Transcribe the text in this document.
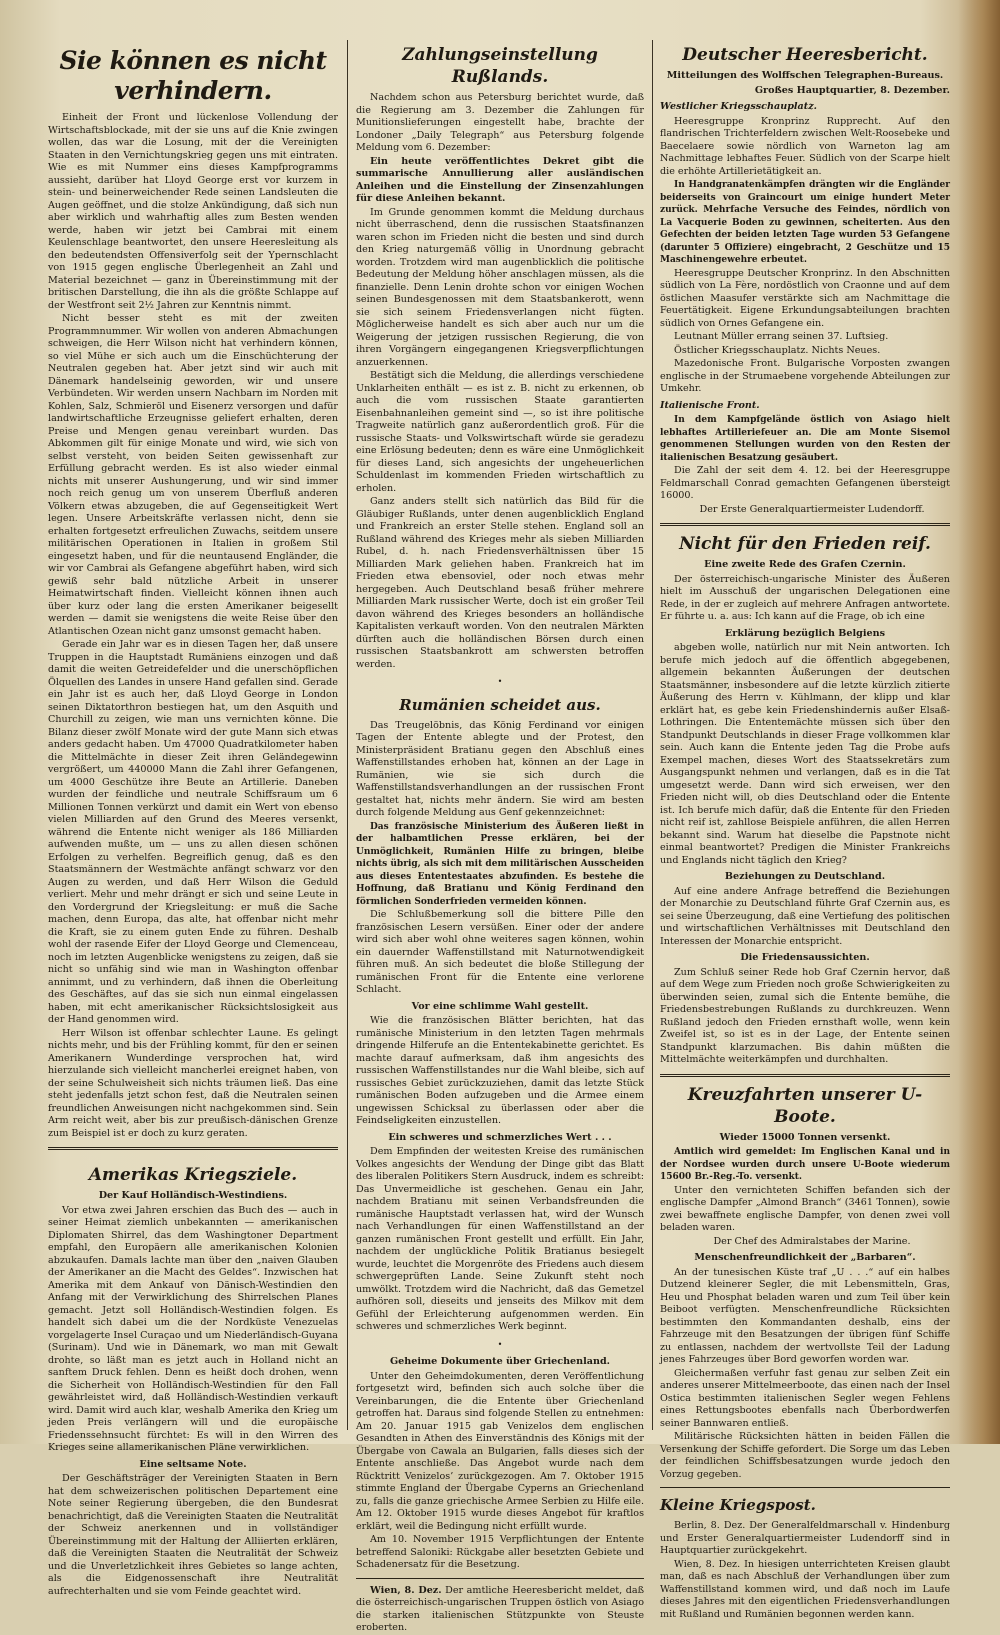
Sie können es nicht verhindern.

Einheit der Front und lückenlose Vollendung der Wirtschaftsblockade, mit der sie uns auf die Knie zwingen wollen, das war die Losung, mit der die Vereinigten Staaten in den Vernichtungskrieg gegen uns mit eintraten. Wie es mit Nummer eins dieses Kampfprogramms aussieht, darüber hat Lloyd George erst vor kurzem in stein- und beinerweichender Rede seinen Landsleuten die Augen geöffnet, und die stolze Ankündigung, daß sich nun aber wirklich und wahrhaftig alles zum Besten wenden werde, haben wir jetzt bei Cambrai mit einem Keulenschlage beantwortet, den unsere Heeresleitung als den bedeutendsten Offensiverfolg seit der Ypernschlacht von 1915 gegen englische Überlegenheit an Zahl und Material bezeichnet — ganz in Übereinstimmung mit der britischen Darstellung, die ihn als die größte Schlappe auf der Westfront seit 2½ Jahren zur Kenntnis nimmt.

Nicht besser steht es mit der zweiten Programmnummer. Wir wollen von anderen Abmachungen schweigen, die Herr Wilson nicht hat verhindern können, so viel Mühe er sich auch um die Einschüchterung der Neutralen gegeben hat. Aber jetzt sind wir auch mit Dänemark handelseinig geworden, wir und unsere Verbündeten. Wir werden unsern Nachbarn im Norden mit Kohlen, Salz, Schmieröl und Eisenerz versorgen und dafür landwirtschaftliche Erzeugnisse geliefert erhalten, deren Preise und Mengen genau vereinbart wurden. Das Abkommen gilt für einige Monate und wird, wie sich von selbst versteht, von beiden Seiten gewissenhaft zur Erfüllung gebracht werden. Es ist also wieder einmal nichts mit unserer Aushungerung, und wir sind immer noch reich genug um von unserem Überfluß anderen Völkern etwas abzugeben, die auf Gegenseitigkeit Wert legen. Unsere Arbeitskräfte verlassen nicht, denn sie erhalten fortgesetzt erfreulichen Zuwachs, seitdem unsere militärischen Operationen in Italien in großem Stil eingesetzt haben, und für die neuntausend Engländer, die wir vor Cambrai als Gefangene abgeführt haben, wird sich gewiß sehr bald nützliche Arbeit in unserer Heimatwirtschaft finden. Vielleicht können ihnen auch über kurz oder lang die ersten Amerikaner beigesellt werden — damit sie wenigstens die weite Reise über den Atlantischen Ozean nicht ganz umsonst gemacht haben.

Gerade ein Jahr war es in diesen Tagen her, daß unsere Truppen in die Hauptstadt Rumäniens einzogen und daß damit die weiten Getreidefelder und die unerschöpflichen Ölquellen des Landes in unsere Hand gefallen sind. Gerade ein Jahr ist es auch her, daß Lloyd George in London seinen Diktatorthron bestiegen hat, um den Asquith und Churchill zu zeigen, wie man uns vernichten könne. Die Bilanz dieser zwölf Monate wird der gute Mann sich etwas anders gedacht haben. Um 47000 Quadratkilometer haben die Mittelmächte in dieser Zeit ihren Geländegewinn vergrößert, um 440000 Mann die Zahl ihrer Gefangenen, um 4000 Geschütze ihre Beute an Artillerie. Daneben wurden der feindliche und neutrale Schiffsraum um 6 Millionen Tonnen verkürzt und damit ein Wert von ebenso vielen Milliarden auf den Grund des Meeres versenkt, während die Entente nicht weniger als 186 Milliarden aufwenden mußte, um — uns zu allen diesen schönen Erfolgen zu verhelfen. Begreiflich genug, daß es den Staatsmännern der Westmächte anfängt schwarz vor den Augen zu werden, und daß Herr Wilson die Geduld verliert. Mehr und mehr drängt er sich und seine Leute in den Vordergrund der Kriegsleitung: er muß die Sache machen, denn Europa, das alte, hat offenbar nicht mehr die Kraft, sie zu einem guten Ende zu führen. Deshalb wohl der rasende Eifer der Lloyd George und Clemenceau, noch im letzten Augenblicke wenigstens zu zeigen, daß sie nicht so unfähig sind wie man in Washington offenbar annimmt, und zu verhindern, daß ihnen die Oberleitung des Geschäftes, auf das sie sich nun einmal eingelassen haben, mit echt amerikanischer Rücksichtslosigkeit aus der Hand genommen wird.

Herr Wilson ist offenbar schlechter Laune. Es gelingt nichts mehr, und bis der Frühling kommt, für den er seinen Amerikanern Wunderdinge versprochen hat, wird hierzulande sich vielleicht mancherlei ereignet haben, von der seine Schulweisheit sich nichts träumen ließ. Das eine steht jedenfalls jetzt schon fest, daß die Neutralen seinen freundlichen Anweisungen nicht nachgekommen sind. Sein Arm reicht weit, aber bis zur preußisch-dänischen Grenze zum Beispiel ist er doch zu kurz geraten.

Amerikas Kriegsziele.
Der Kauf Holländisch-Westindiens.

Vor etwa zwei Jahren erschien das Buch des — auch in seiner Heimat ziemlich unbekannten — amerikanischen Diplomaten Shirrel, das dem Washingtoner Department empfahl, den Europäern alle amerikanischen Kolonien abzukaufen. Damals lachte man über den „naiven Glauben der Amerikaner an die Macht des Geldes“. Inzwischen hat Amerika mit dem Ankauf von Dänisch-Westindien den Anfang mit der Verwirklichung des Shirrelschen Planes gemacht. Jetzt soll Holländisch-Westindien folgen. Es handelt sich dabei um die der Nordküste Venezuelas vorgelagerte Insel Curaçao und um Niederländisch-Guyana (Surinam). Und wie in Dänemark, wo man mit Gewalt drohte, so läßt man es jetzt auch in Holland nicht an sanftem Druck fehlen. Denn es heißt doch drohen, wenn die Sicherheit von Holländisch-Westindien für den Fall gewährleistet wird, daß Holländisch-Westindien verkauft wird. Damit wird auch klar, weshalb Amerika den Krieg um jeden Preis verlängern will und die europäische Friedenssehnsucht fürchtet: Es will in den Wirren des Krieges seine allamerikanischen Pläne verwirklichen.

Eine seltsame Note.

Der Geschäftsträger der Vereinigten Staaten in Bern hat dem schweizerischen politischen Departement eine Note seiner Regierung übergeben, die den Bundesrat benachrichtigt, daß die Vereinigten Staaten die Neutralität der Schweiz anerkennen und in vollständiger Übereinstimmung mit der Haltung der Alliierten erklären, daß die Vereinigten Staaten die Neutralität der Schweiz und die Unverletzlichkeit ihres Gebietes so lange achten, als die Eidgenossenschaft ihre Neutralität aufrechterhalten und sie vom Feinde geachtet wird.

Zahlungseinstellung Rußlands.

Nachdem schon aus Petersburg berichtet wurde, daß die Regierung am 3. Dezember die Zahlungen für Munitionslieferungen eingestellt habe, brachte der Londoner „Daily Telegraph“ aus Petersburg folgende Meldung vom 6. Dezember:

Ein heute veröffentlichtes Dekret gibt die summarische Annullierung aller ausländischen Anleihen und die Einstellung der Zinsenzahlungen für diese Anleihen bekannt.

Im Grunde genommen kommt die Meldung durchaus nicht überraschend, denn die russischen Staatsfinanzen waren schon im Frieden nicht die besten und sind durch den Krieg naturgemäß völlig in Unordnung gebracht worden. Trotzdem wird man augenblicklich die politische Bedeutung der Meldung höher anschlagen müssen, als die finanzielle. Denn Lenin drohte schon vor einigen Wochen seinen Bundesgenossen mit dem Staatsbankerott, wenn sie sich seinem Friedensverlangen nicht fügten. Möglicherweise handelt es sich aber auch nur um die Weigerung der jetzigen russischen Regierung, die von ihren Vorgängern eingegangenen Kriegsverpflichtungen anzuerkennen.

Bestätigt sich die Meldung, die allerdings verschiedene Unklarheiten enthält — es ist z. B. nicht zu erkennen, ob auch die vom russischen Staate garantierten Eisenbahnanleihen gemeint sind —, so ist ihre politische Tragweite natürlich ganz außerordentlich groß. Für die russische Staats- und Volkswirtschaft würde sie geradezu eine Erlösung bedeuten; denn es wäre eine Unmöglichkeit für dieses Land, sich angesichts der ungeheuerlichen Schuldenlast im kommenden Frieden wirtschaftlich zu erholen.

Ganz anders stellt sich natürlich das Bild für die Gläubiger Rußlands, unter denen augenblicklich England und Frankreich an erster Stelle stehen. England soll an Rußland während des Krieges mehr als sieben Milliarden Rubel, d. h. nach Friedensverhältnissen über 15 Milliarden Mark geliehen haben. Frankreich hat im Frieden etwa ebensoviel, oder noch etwas mehr hergegeben. Auch Deutschland besaß früher mehrere Milliarden Mark russischer Werte, doch ist ein großer Teil davon während des Krieges besonders an holländische Kapitalisten verkauft worden. Von den neutralen Märkten dürften auch die holländischen Börsen durch einen russischen Staatsbankrott am schwersten betroffen werden.

•
Rumänien scheidet aus.

Das Treugelöbnis, das König Ferdinand vor einigen Tagen der Entente ablegte und der Protest, den Ministerpräsident Bratianu gegen den Abschluß eines Waffenstillstandes erhoben hat, können an der Lage in Rumänien, wie sie sich durch die Waffenstillstandsverhandlungen an der russischen Front gestaltet hat, nichts mehr ändern. Sie wird am besten durch folgende Meldung aus Genf gekennzeichnet:

Das französische Ministerium des Äußeren ließt in der halbamtlichen Presse erklären, bei der Unmöglichkeit, Rumänien Hilfe zu bringen, bleibe nichts übrig, als sich mit dem militärischen Ausscheiden aus dieses Ententestaates abzufinden. Es bestehe die Hoffnung, daß Bratianu und König Ferdinand den förmlichen Sonderfrieden vermeiden können.

Die Schlußbemerkung soll die bittere Pille den französischen Lesern versüßen. Einer oder der andere wird sich aber wohl ohne weiteres sagen können, wohin ein dauernder Waffenstillstand mit Naturnotwendigkeit führen muß. An sich bedeutet die bloße Stillegung der rumänischen Front für die Entente eine verlorene Schlacht.

Vor eine schlimme Wahl gestellt.

Wie die französischen Blätter berichten, hat das rumänische Ministerium in den letzten Tagen mehrmals dringende Hilferufe an die Ententekabinette gerichtet. Es machte darauf aufmerksam, daß ihm angesichts des russischen Waffenstillstandes nur die Wahl bleibe, sich auf russisches Gebiet zurückzuziehen, damit das letzte Stück rumänischen Boden aufzugeben und die Armee einem ungewissen Schicksal zu überlassen oder aber die Feindseligkeiten einzustellen.

Ein schweres und schmerzliches Wert . . .

Dem Empfinden der weitesten Kreise des rumänischen Volkes angesichts der Wendung der Dinge gibt das Blatt des liberalen Politikers Stern Ausdruck, indem es schreibt: Das Unvermeidliche ist geschehen. Genau ein Jahr, nachdem Bratianu mit seinen Verbandsfreunden die rumänische Hauptstadt verlassen hat, wird der Wunsch nach Verhandlungen für einen Waffenstillstand an der ganzen rumänischen Front gestellt und erfüllt. Ein Jahr, nachdem der unglückliche Politik Bratianus besiegelt wurde, leuchtet die Morgenröte des Friedens auch diesem schwergeprüften Lande. Seine Zukunft steht noch umwölkt. Trotzdem wird die Nachricht, daß das Gemetzel aufhören soll, dieseits und jenseits des Milkov mit dem Gefühl der Erleichterung aufgenommen werden. Ein schweres und schmerzliches Werk beginnt.

•
Geheime Dokumente über Griechenland.

Unter den Geheimdokumenten, deren Veröffentlichung fortgesetzt wird, befinden sich auch solche über die Vereinbarungen, die die Entente über Griechenland getroffen hat. Daraus sind folgende Stellen zu entnehmen: Am 20. Januar 1915 gab Venizelos dem englischen Gesandten in Athen des Einverständnis des Königs mit der Übergabe von Cawala an Bulgarien, falls dieses sich der Entente anschließe. Das Angebot wurde nach dem Rücktritt Venizelos’ zurückgezogen. Am 7. Oktober 1915 stimmte England der Übergabe Cyperns an Griechenland zu, falls die ganze griechische Armee Serbien zu Hilfe eile. Am 12. Oktober 1915 wurde dieses Angebot für kraftlos erklärt, weil die Bedingung nicht erfüllt wurde.

Am 10. November 1915 Verpflichtungen der Entente betreffend Saloniki: Rückgabe aller besetzten Gebiete und Schadenersatz für die Besetzung.

Wien, 8. Dez. Der amtliche Heeresbericht meldet, daß die österreichisch-ungarischen Truppen östlich von Asiago die starken italienischen Stützpunkte von Steuste eroberten.

Deutscher Heeresbericht.
Mitteilungen des Wolffschen Telegraphen-Bureaus.
Großes Hauptquartier, 8. Dezember.
Westlicher Kriegsschauplatz.

Heeresgruppe Kronprinz Rupprecht. Auf den flandrischen Trichterfeldern zwischen Welt-Roosebeke und Baecelaere sowie nördlich von Warneton lag am Nachmittage lebhaftes Feuer. Südlich von der Scarpe hielt die erhöhte Artillerietätigkeit an.

In Handgranatenkämpfen drängten wir die Engländer beiderseits von Graincourt um einige hundert Meter zurück. Mehrfache Versuche des Feindes, nördlich von La Vacquerie Boden zu gewinnen, scheiterten. Aus den Gefechten der beiden letzten Tage wurden 53 Gefangene (darunter 5 Offiziere) eingebracht, 2 Geschütze und 15 Maschinengewehre erbeutet.

Heeresgruppe Deutscher Kronprinz. In den Abschnitten südlich von La Fère, nordöstlich von Craonne und auf dem östlichen Maasufer verstärkte sich am Nachmittage die Feuertätigkeit. Eigene Erkundungsabteilungen brachten südlich von Ornes Gefangene ein.

Leutnant Müller errang seinen 37. Luftsieg.

Östlicher Kriegsschauplatz. Nichts Neues.

Mazedonische Front. Bulgarische Vorposten zwangen englische in der Strumaebene vorgehende Abteilungen zur Umkehr.

Italienische Front.

In dem Kampfgelände östlich von Asiago hielt lebhaftes Artilleriefeuer an. Die am Monte Sisemol genommenen Stellungen wurden von den Resten der italienischen Besatzung gesäubert.

Die Zahl der seit dem 4. 12. bei der Heeresgruppe Feldmarschall Conrad gemachten Gefangenen übersteigt 16000.

Der Erste Generalquartiermeister Ludendorff.

Nicht für den Frieden reif.
Eine zweite Rede des Grafen Czernin.

Der österreichisch-ungarische Minister des Äußeren hielt im Ausschuß der ungarischen Delegationen eine Rede, in der er zugleich auf mehrere Anfragen antwortete. Er führte u. a. aus: Ich kann auf die Frage, ob ich eine

Erklärung bezüglich Belgiens

abgeben wolle, natürlich nur mit Nein antworten. Ich berufe mich jedoch auf die öffentlich abgegebenen, allgemein bekannten Äußerungen der deutschen Staatsmänner, insbesondere auf die letzte kürzlich zitierte Äußerung des Herrn v. Kühlmann, der klipp und klar erklärt hat, es gebe kein Friedenshindernis außer Elsaß-Lothringen. Die Ententemächte müssen sich über den Standpunkt Deutschlands in dieser Frage vollkommen klar sein. Auch kann die Entente jeden Tag die Probe aufs Exempel machen, dieses Wort des Staatssekretärs zum Ausgangspunkt nehmen und verlangen, daß es in die Tat umgesetzt werde. Dann wird sich erweisen, wer den Frieden nicht will, ob dies Deutschland oder die Entente ist. Ich berufe mich dafür, daß die Entente für den Frieden nicht reif ist, zahllose Beispiele anführen, die allen Herren bekannt sind. Warum hat dieselbe die Papstnote nicht einmal beantwortet? Predigen die Minister Frankreichs und Englands nicht täglich den Krieg?

Beziehungen zu Deutschland.

Auf eine andere Anfrage betreffend die Beziehungen der Monarchie zu Deutschland führte Graf Czernin aus, es sei seine Überzeugung, daß eine Vertiefung des politischen und wirtschaftlichen Verhältnisses mit Deutschland den Interessen der Monarchie entspricht.

Die Friedensaussichten.

Zum Schluß seiner Rede hob Graf Czernin hervor, daß auf dem Wege zum Frieden noch große Schwierigkeiten zu überwinden seien, zumal sich die Entente bemühe, die Friedensbestrebungen Rußlands zu durchkreuzen. Wenn Rußland jedoch den Frieden ernsthaft wolle, wenn kein Zweifel ist, so ist es in der Lage, der Entente seinen Standpunkt klarzumachen. Bis dahin müßten die Mittelmächte weiterkämpfen und durchhalten.

Kreuzfahrten unserer U-Boote.
Wieder 15000 Tonnen versenkt.

Amtlich wird gemeldet: Im Englischen Kanal und in der Nordsee wurden durch unsere U-Boote wiederum 15600 Br.-Reg.-To. versenkt.

Unter den vernichteten Schiffen befanden sich der englische Dampfer „Almond Branch“ (3461 Tonnen), sowie zwei bewaffnete englische Dampfer, von denen zwei voll beladen waren.

Der Chef des Admiralstabes der Marine.

Menschenfreundlichkeit der „Barbaren“.

An der tunesischen Küste traf „U . . .“ auf ein halbes Dutzend kleinerer Segler, die mit Lebensmitteln, Gras, Heu und Phosphat beladen waren und zum Teil über kein Beiboot verfügten. Menschenfreundliche Rücksichten bestimmten den Kommandanten deshalb, eins der Fahrzeuge mit den Besatzungen der übrigen fünf Schiffe zu entlassen, nachdem der wertvollste Teil der Ladung jenes Fahrzeuges über Bord geworfen worden war.

Gleichermaßen verfuhr fast genau zur selben Zeit ein anderes unserer Mittelmeerboote, das einen nach der Insel Ostica bestimmten italienischen Segler wegen Fehlens eines Rettungsbootes ebenfalls nach Überbordwerfen seiner Bannwaren entließ.

Militärische Rücksichten hätten in beiden Fällen die Versenkung der Schiffe gefordert. Die Sorge um das Leben der feindlichen Schiffsbesatzungen wurde jedoch den Vorzug gegeben.

Kleine Kriegspost.

Berlin, 8. Dez. Der Generalfeldmarschall v. Hindenburg und Erster Generalquartiermeister Ludendorff sind in Hauptquartier zurückgekehrt.

Wien, 8. Dez. In hiesigen unterrichteten Kreisen glaubt man, daß es nach Abschluß der Verhandlungen über zum Waffenstillstand kommen wird, und daß noch im Laufe dieses Jahres mit den eigentlichen Friedensverhandlungen mit Rußland und Rumänien begonnen werden kann.
